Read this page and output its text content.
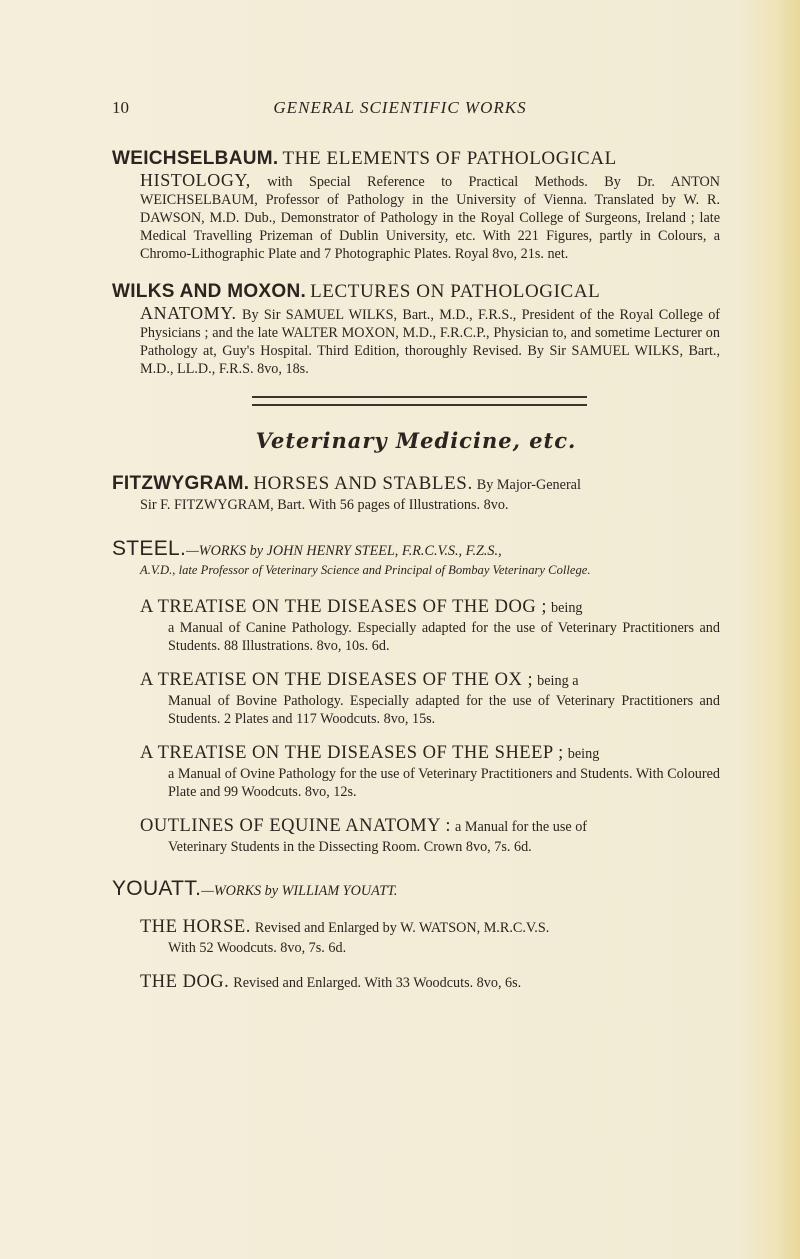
10	GENERAL SCIENTIFIC WORKS
WEICHSELBAUM. THE ELEMENTS OF PATHOLOGICAL
HISTOLOGY, with Special Reference to Practical Methods. By Dr. ANTON WEICHSELBAUM, Professor of Pathology in the University of Vienna. Translated by W. R. DAWSON, M.D. Dub., Demonstrator of Pathology in the Royal College of Surgeons, Ireland ; late Medical Travelling Prizeman of Dublin University, etc. With 221 Figures, partly in Colours, a Chromo-Lithographic Plate and 7 Photographic Plates. Royal 8vo, 21s. net.
WILKS AND MOXON. LECTURES ON PATHOLOGICAL
ANATOMY. By Sir SAMUEL WILKS, Bart., M.D., F.R.S., President of the Royal College of Physicians ; and the late WALTER MOXON, M.D., F.R.C.P., Physician to, and sometime Lecturer on Pathology at, Guy's Hospital. Third Edition, thoroughly Revised. By Sir SAMUEL WILKS, Bart., M.D., LL.D., F.R.S. 8vo, 18s.
Veterinary Medicine, etc.
FITZWYGRAM. HORSES AND STABLES. By Major-General
Sir F. FITZWYGRAM, Bart. With 56 pages of Illustrations. 8vo.
STEEL.—WORKS by JOHN HENRY STEEL, F.R.C.V.S., F.Z.S.,
A.V.D., late Professor of Veterinary Science and Principal of Bombay Veterinary College.
A TREATISE ON THE DISEASES OF THE DOG ; being
a Manual of Canine Pathology. Especially adapted for the use of Veterinary Practitioners and Students. 88 Illustrations. 8vo, 10s. 6d.
A TREATISE ON THE DISEASES OF THE OX ; being a
Manual of Bovine Pathology. Especially adapted for the use of Veterinary Practitioners and Students. 2 Plates and 117 Woodcuts. 8vo, 15s.
A TREATISE ON THE DISEASES OF THE SHEEP ; being
a Manual of Ovine Pathology for the use of Veterinary Practitioners and Students. With Coloured Plate and 99 Woodcuts. 8vo, 12s.
OUTLINES OF EQUINE ANATOMY : a Manual for the use of
Veterinary Students in the Dissecting Room. Crown 8vo, 7s. 6d.
YOUATT.—WORKS by WILLIAM YOUATT.
THE HORSE. Revised and Enlarged by W. WATSON, M.R.C.V.S.
With 52 Woodcuts. 8vo, 7s. 6d.
THE DOG. Revised and Enlarged. With 33 Woodcuts. 8vo, 6s.
